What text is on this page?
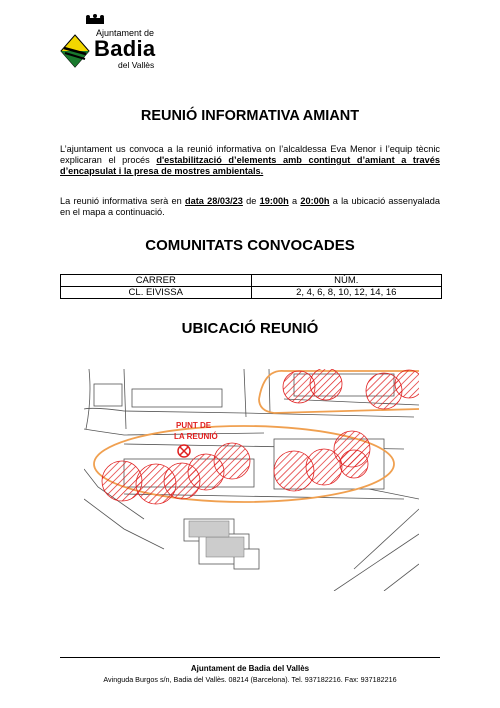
Ajuntament de
Badia
del Vallès
REUNIÓ INFORMATIVA AMIANT
L’ajuntament us convoca a la reunió informativa on l’alcaldessa Eva Menor i l’equip tècnic explicaran el procés d'estabilització d’elements amb contingut d’amiant a través d’encapsulat i la presa de mostres ambientals.
La reunió informativa serà en data 28/03/23 de 19:00h a 20:00h a la ubicació assenyalada en el mapa a continuació.
COMUNITATS CONVOCADES
CARRER	NÚM.
CL. EIVISSA	2, 4, 6, 8, 10, 12, 14, 16
UBICACIÓ REUNIÓ
PUNT DE
LA REUNIÓ
Ajuntament de Badia del Vallès
Avinguda Burgos s/n, Badia del Vallès. 08214 (Barcelona). Tel. 937182216. Fax: 937182216
